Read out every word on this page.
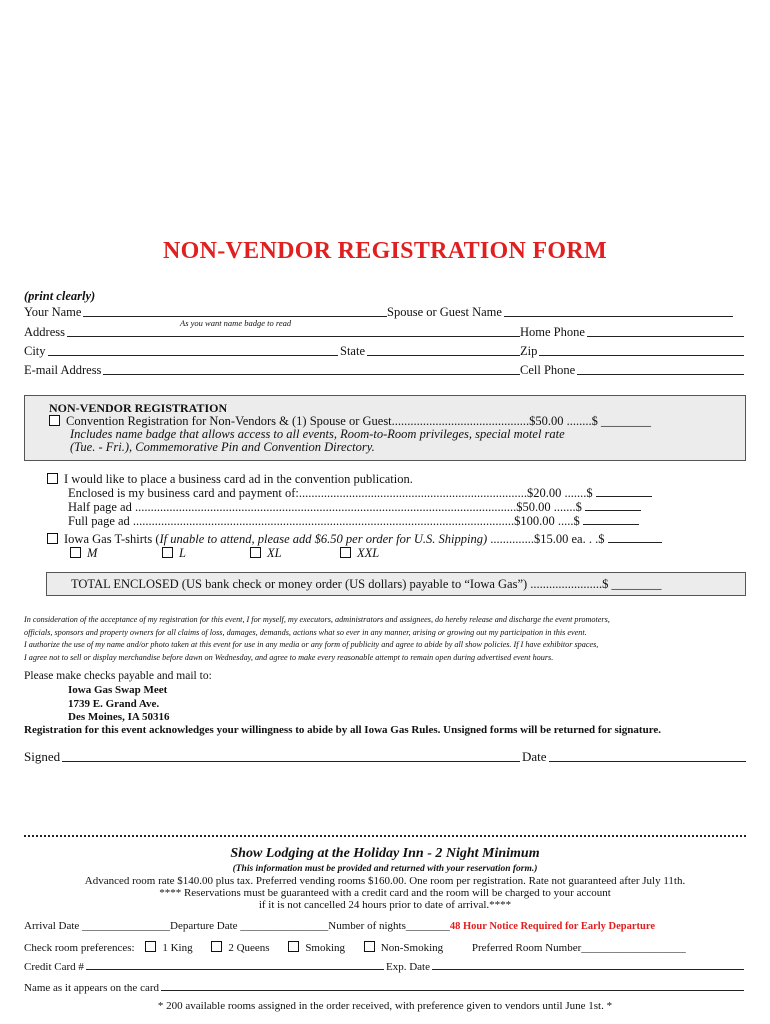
NON-VENDOR REGISTRATION FORM
(print clearly)
Your Name
As you want name badge to read
Spouse or Guest Name
Address	Home Phone
City	State	Zip
E-mail Address	Cell Phone
NON-VENDOR REGISTRATION
Convention Registration for Non-Vendors & (1) Spouse or Guest............................................$50.00 ........$ ________
Includes name badge that allows access to all events, Room-to-Room privileges, special motel rate
(Tue. - Fri.), Commemorative Pin and Convention Directory.
I would like to place a business card ad in the convention publication.
Enclosed is my business card and payment of:.........................................................................$20.00 .......$
Half page ad ..........................................................................................................................$50.00 .......$
Full page ad ..........................................................................................................................$100.00 .....$
Iowa Gas T-shirts (If unable to attend, please add $6.50 per order for U.S. Shipping) ..............$15.00 ea. . .$
M	L	XL	XXL
TOTAL ENCLOSED (US bank check or money order (US dollars) payable to “Iowa Gas”) .......................$ ________
In consideration of the acceptance of my registration for this event, I for myself, my executors, administrators and assignees, do hereby release and discharge the event promoters,
officials, sponsors and property owners for all claims of loss, damages, demands, actions what so ever in any manner, arising or growing out my participation in this event.
I authorize the use of my name and/or photo taken at this event for use in any media or any form of publicity and agree to abide by all show policies. If I have exhibitor spaces,
I agree not to sell or display merchandise before dawn on Wednesday, and agree to make every reasonable attempt to remain open during advertised event hours.
Please make checks payable and mail to:
Iowa Gas Swap Meet
1739 E. Grand Ave.
Des Moines, IA 50316
Registration for this event acknowledges your willingness to abide by all Iowa Gas Rules. Unsigned forms will be returned for signature.
Signed	Date
Show Lodging at the Holiday Inn - 2 Night Minimum
(This information must be provided and returned with your reservation form.)
Advanced room rate $140.00 plus tax. Preferred vending rooms $160.00. One room per registration. Rate not guaranteed after July 11th.
**** Reservations must be guaranteed with a credit card and the room will be charged to your account
if it is not cancelled 24 hours prior to date of arrival.****
Arrival Date ________________Departure Date ________________Number of nights________48 Hour Notice Required for Early Departure
Check room preferences:	1 King	2 Queens	Smoking	Non-Smoking	Preferred Room Number___________________
Credit Card #	Exp. Date
Name as it appears on the card
* 200 available rooms assigned in the order received, with preference given to vendors until June 1st. *
